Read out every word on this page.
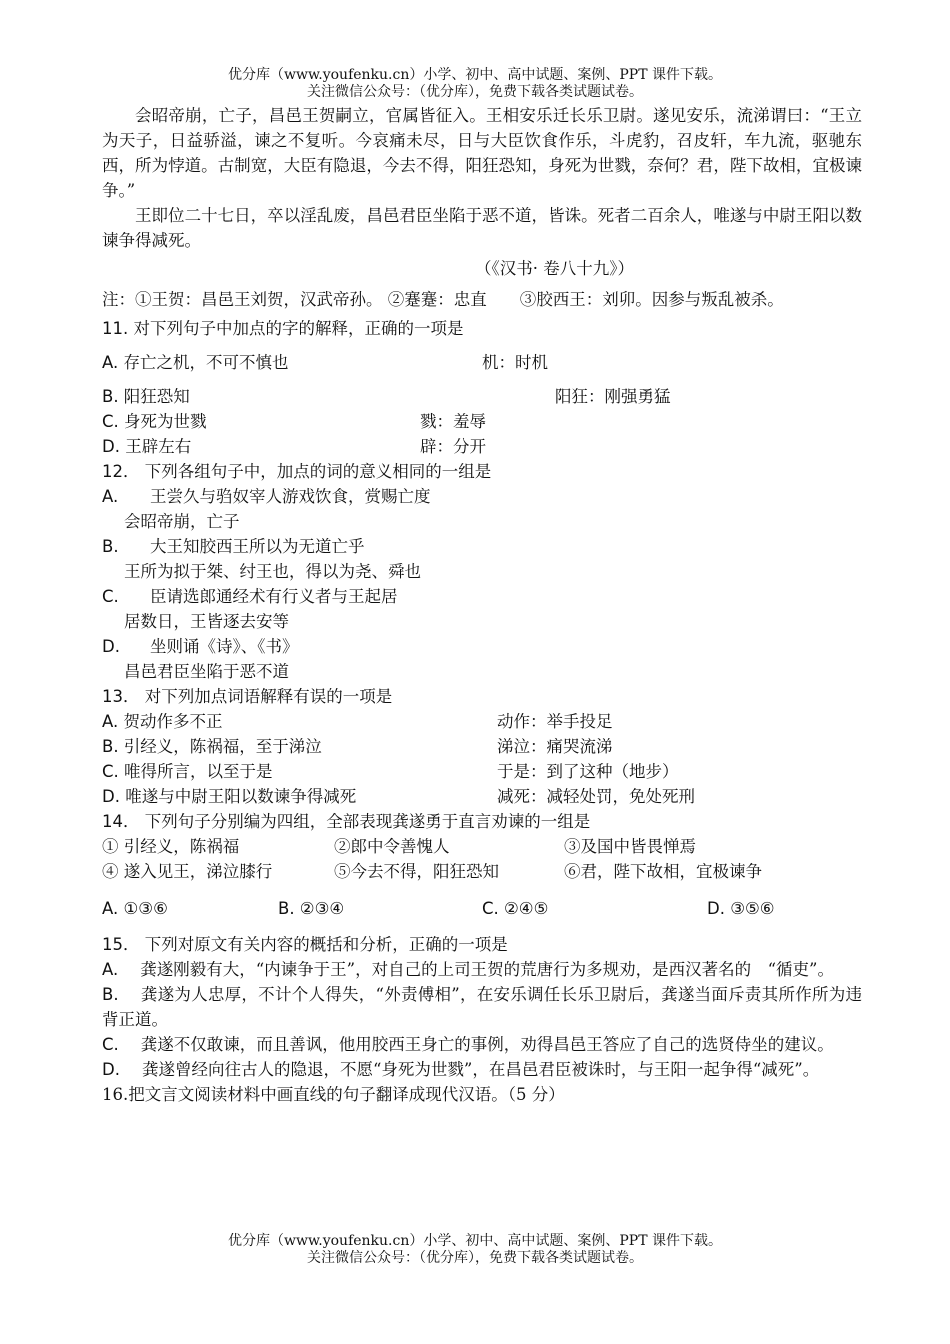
优分库（www.youfenku.cn）小学、初中、高中试题、案例、PPT 课件下载。
关注微信公众号：（优分库），免费下载各类试题试卷。
会昭帝崩，亡子，昌邑王贺嗣立，官属皆征入。王相安乐迁长乐卫尉。遂见安乐，流涕谓曰：“王立为天子，日益骄溢，谏之不复听。今哀痛未尽，日与大臣饮食作乐，斗虎豹，召皮轩，车九流，驱驰东西，所为悖道。古制宽，大臣有隐退，今去不得，阳狂恐知，身死为世戮，奈何？君，陛下故相，宜极谏争。”
王即位二十七日，卒以淫乱废，昌邑君臣坐陷于恶不道，皆诛。死者二百余人，唯遂与中尉王阳以数谏争得减死。
（《汉书· 卷八十九》）
注：①王贺：昌邑王刘贺，汉武帝孙。 ②蹇蹇：忠直　　③胶西王：刘卯。因参与叛乱被杀。
11. 对下列句子中加点的字的解释，正确的一项是
A. 存亡之机，不可不慎也	机：时机
B. 阳狂恐知	阳狂：刚强勇猛
C. 身死为世戮	戮：羞辱
D. 王辟左右	辟：分开
12． 下列各组句子中，加点的词的意义相同的一组是
A. 王尝久与驺奴宰人游戏饮食，赏赐亡度
会昭帝崩，亡子
B. 大王知胶西王所以为无道亡乎
王所为拟于桀、纣王也，得以为尧、舜也
C. 臣请选郎通经术有行义者与王起居
居数日，王皆逐去安等
D. 坐则诵《诗》、《书》
昌邑君臣坐陷于恶不道
13． 对下列加点词语解释有误的一项是
A. 贺动作多不正	动作：举手投足
B. 引经义，陈祸福，至于涕泣	涕泣：痛哭流涕
C. 唯得所言，以至于是	于是：到了这种（地步）
D. 唯遂与中尉王阳以数谏争得减死	减死：减轻处罚，免处死刑
14． 下列句子分别编为四组，全部表现龚遂勇于直言劝谏的一组是
① 引经义，陈祸福	②郎中令善愧人	③及国中皆畏惮焉
④ 遂入见王，涕泣膝行	⑤今去不得，阳狂恐知	⑥君，陛下故相，宜极谏争
A. ①③⑥	B. ②③④	C. ②④⑤	D. ③⑤⑥
15． 下列对原文有关内容的概括和分析，正确的一项是
A. 龚遂刚毅有大，“内谏争于王”，对自己的上司王贺的荒唐行为多规劝，是西汉著名的　“循吏”。
B. 龚遂为人忠厚，不计个人得失，“外责傅相”，在安乐调任长乐卫尉后，龚遂当面斥责其所作所为违背正道。
C. 龚遂不仅敢谏，而且善讽，他用胶西王身亡的事例，劝得昌邑王答应了自己的选贤侍坐的建议。
D. 龚遂曾经向往古人的隐退，不愿“身死为世戮”，在昌邑君臣被诛时，与王阳一起争得“减死”。
16.把文言文阅读材料中画直线的句子翻译成现代汉语。（5 分）
优分库（www.youfenku.cn）小学、初中、高中试题、案例、PPT 课件下载。
关注微信公众号：（优分库），免费下载各类试题试卷。
